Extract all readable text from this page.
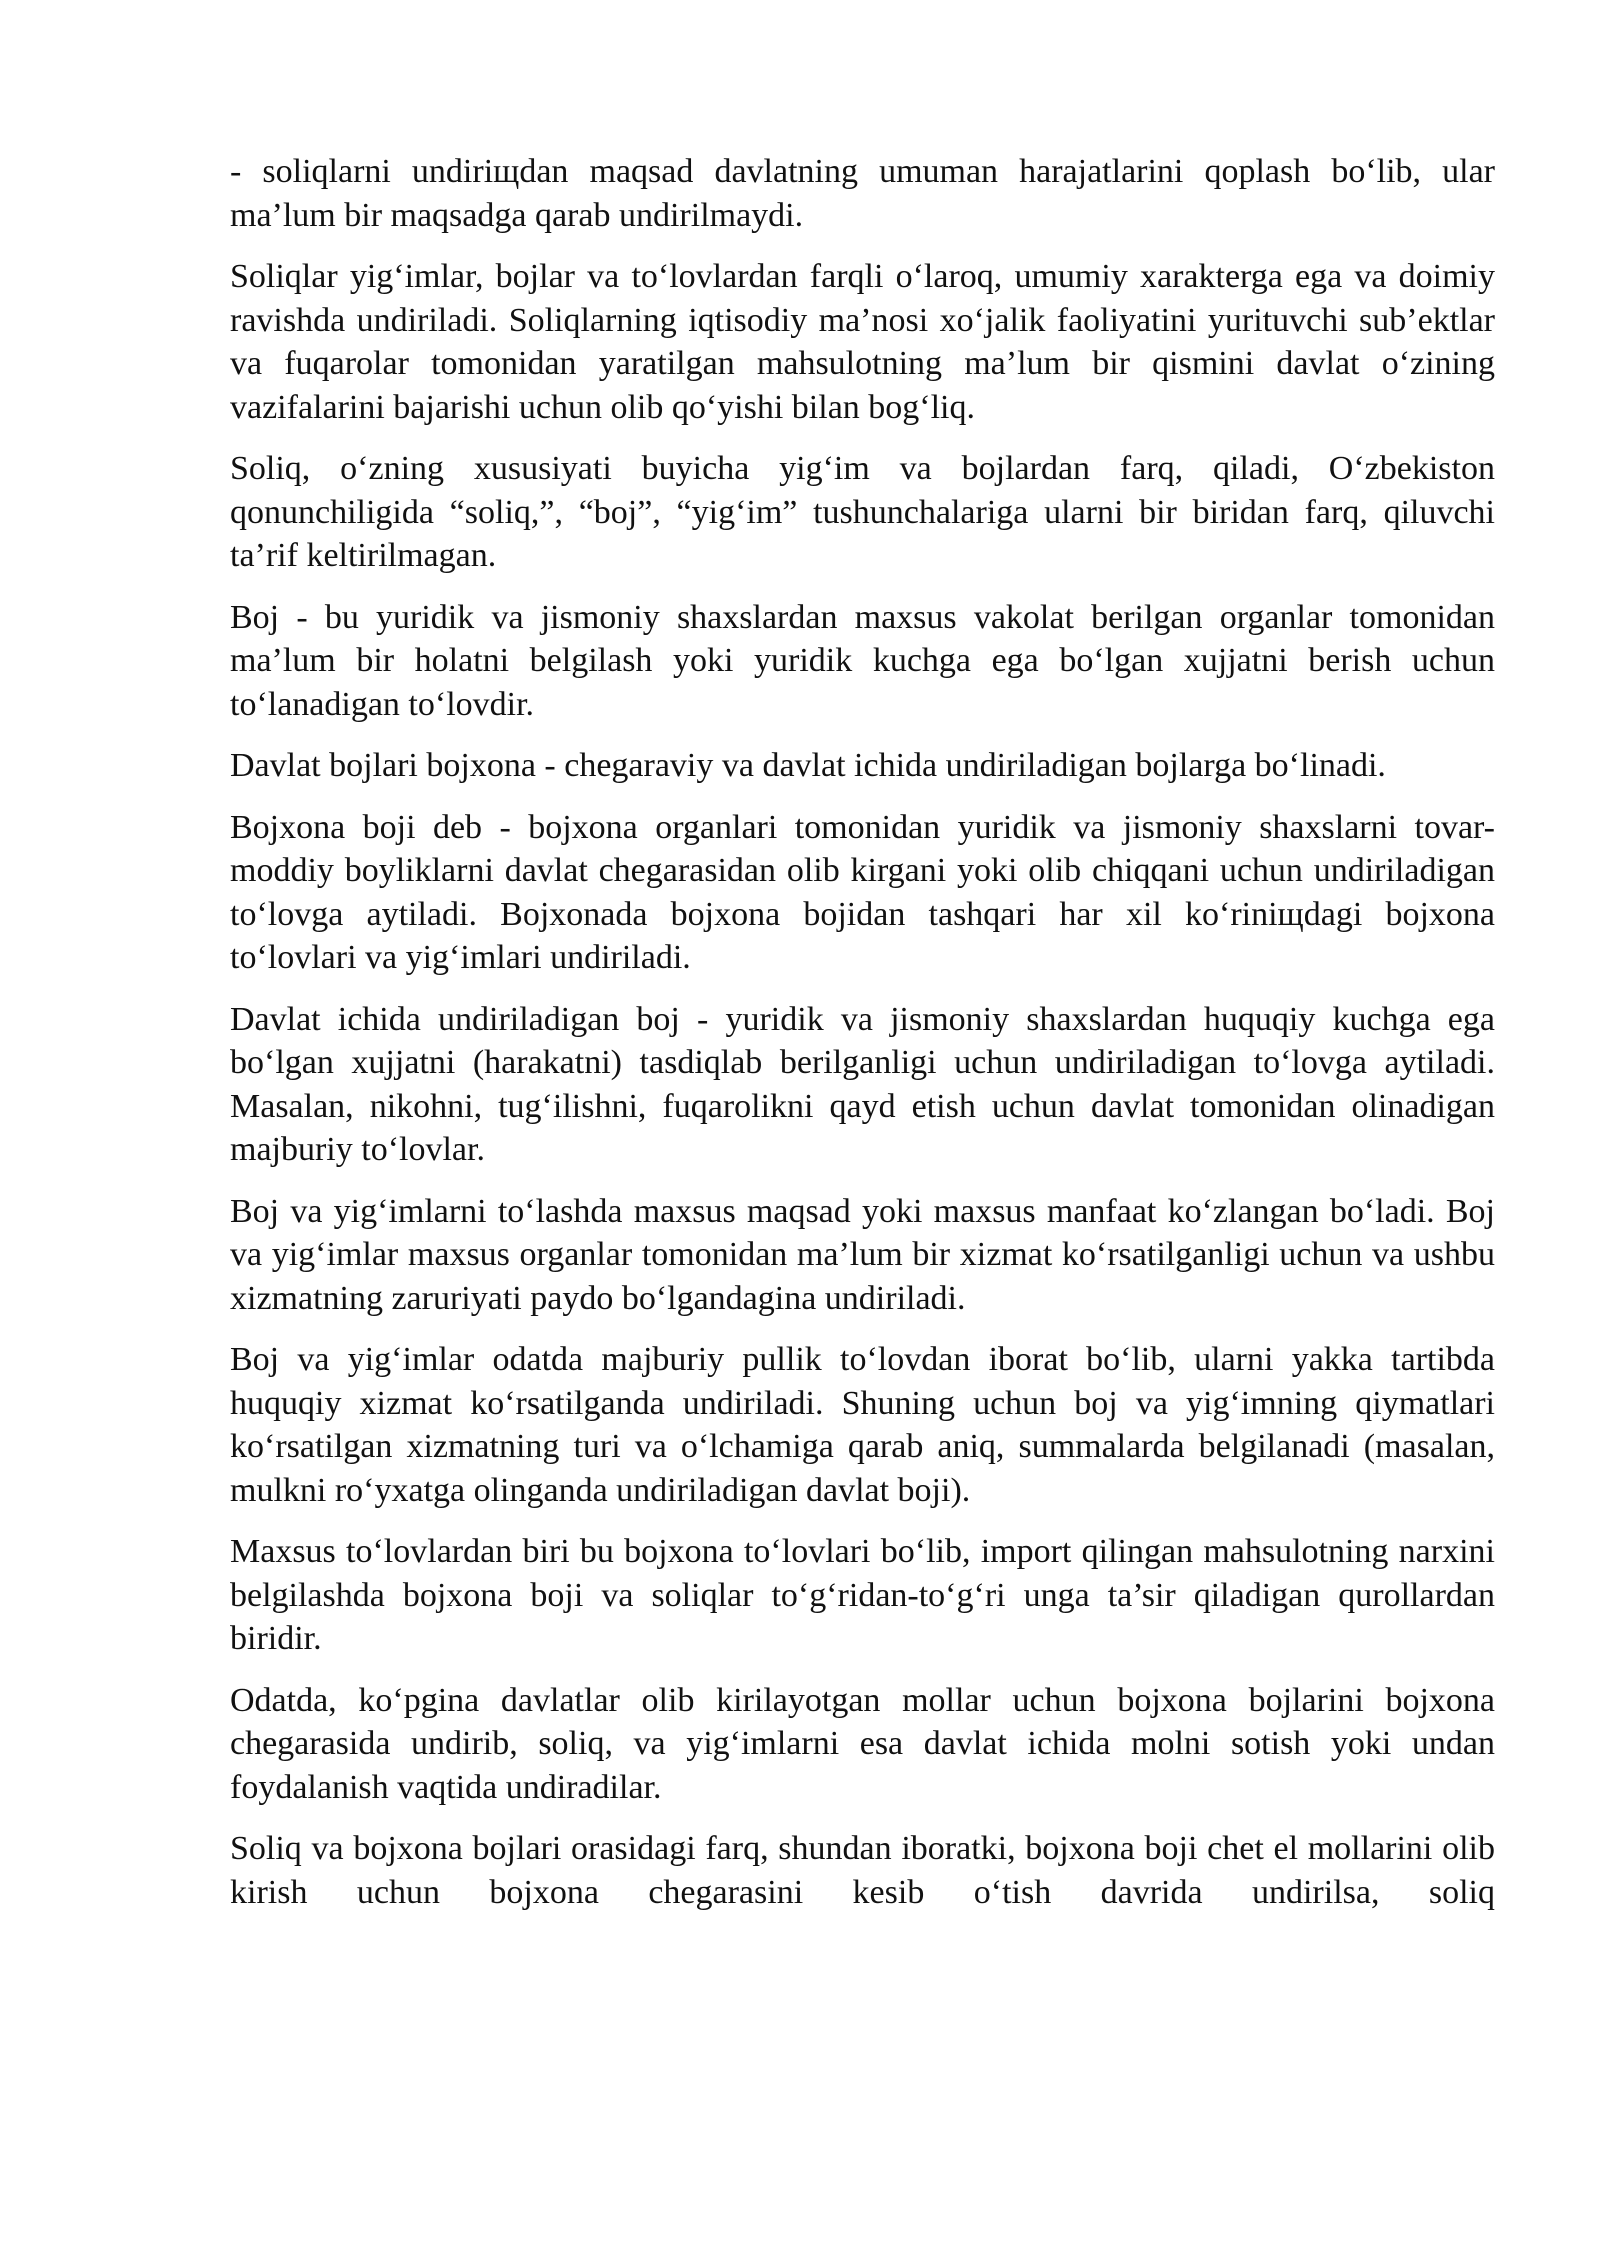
- soliqlarni undiriщdan maqsad davlatning umuman harajatlarini qoplash bo‘lib, ular ma’lum bir maqsadga qarab undirilmaydi.

Soliqlar yig‘imlar, bojlar va to‘lovlardan farqli o‘laroq, umumiy xarakterga ega va doimiy ravishda undiriladi. Soliqlarning iqtisodiy ma’nosi xo‘jalik faoliyatini yurituvchi sub’ektlar va fuqarolar tomonidan yaratilgan mahsulotning ma’lum bir qismini davlat o‘zining vazifalarini bajarishi uchun olib qo‘yishi bilan bog‘liq.

Soliq, o‘zning xususiyati buyicha yig‘im va bojlardan farq, qiladi, O‘zbekiston qonunchiligida “soliq,”, “boj”, “yig‘im” tushunchalariga ularni bir biridan farq, qiluvchi ta’rif keltirilmagan.

Boj - bu yuridik va jismoniy shaxslardan maxsus vakolat berilgan organlar tomonidan ma’lum bir holatni belgilash yoki yuridik kuchga ega bo‘lgan xujjatni berish uchun to‘lanadigan to‘lovdir.

Davlat bojlari bojxona - chegaraviy va davlat ichida undiriladigan bojlarga bo‘linadi.

Bojxona boji deb - bojxona organlari tomonidan yuridik va jismoniy shaxslarni tovar-moddiy boyliklarni davlat chegarasidan olib kirgani yoki olib chiqqani uchun undiriladigan to‘lovga aytiladi. Bojxonada bojxona bojidan tashqari har xil ko‘riniщdagi bojxona to‘lovlari va yig‘imlari undiriladi.

Davlat ichida undiriladigan boj - yuridik va jismoniy shaxslardan huquqiy kuchga ega bo‘lgan xujjatni (harakatni) tasdiqlab berilganligi uchun undiriladigan to‘lovga aytiladi. Masalan, nikohni, tug‘ilishni, fuqarolikni qayd etish uchun davlat tomonidan olinadigan majburiy to‘lovlar.

Boj va yig‘imlarni to‘lashda maxsus maqsad yoki maxsus manfaat ko‘zlangan bo‘ladi. Boj va yig‘imlar maxsus organlar tomonidan ma’lum bir xizmat ko‘rsatilganligi uchun va ushbu xizmatning zaruriyati paydo bo‘lgandagina undiriladi.

Boj va yig‘imlar odatda majburiy pullik to‘lovdan iborat bo‘lib, ularni yakka tartibda huquqiy xizmat ko‘rsatilganda undiriladi. Shuning uchun boj va yig‘imning qiymatlari ko‘rsatilgan xizmatning turi va o‘lchamiga qarab aniq, summalarda belgilanadi (masalan, mulkni ro‘yxatga olinganda undiriladigan davlat boji).

Maxsus to‘lovlardan biri bu bojxona to‘lovlari bo‘lib, import qilingan mahsulotning narxini belgilashda bojxona boji va soliqlar to‘g‘ridan-to‘g‘ri unga ta’sir qiladigan qurollardan biridir.

Odatda, ko‘pgina davlatlar olib kirilayotgan mollar uchun bojxona bojlarini bojxona chegarasida undirib, soliq, va yig‘imlarni esa davlat ichida molni sotish yoki undan foydalanish vaqtida undiradilar.

Soliq va bojxona bojlari orasidagi farq, shundan iboratki, bojxona boji chet el mollarini olib kirish uchun bojxona chegarasini kesib o‘tish davrida undirilsa, soliq
